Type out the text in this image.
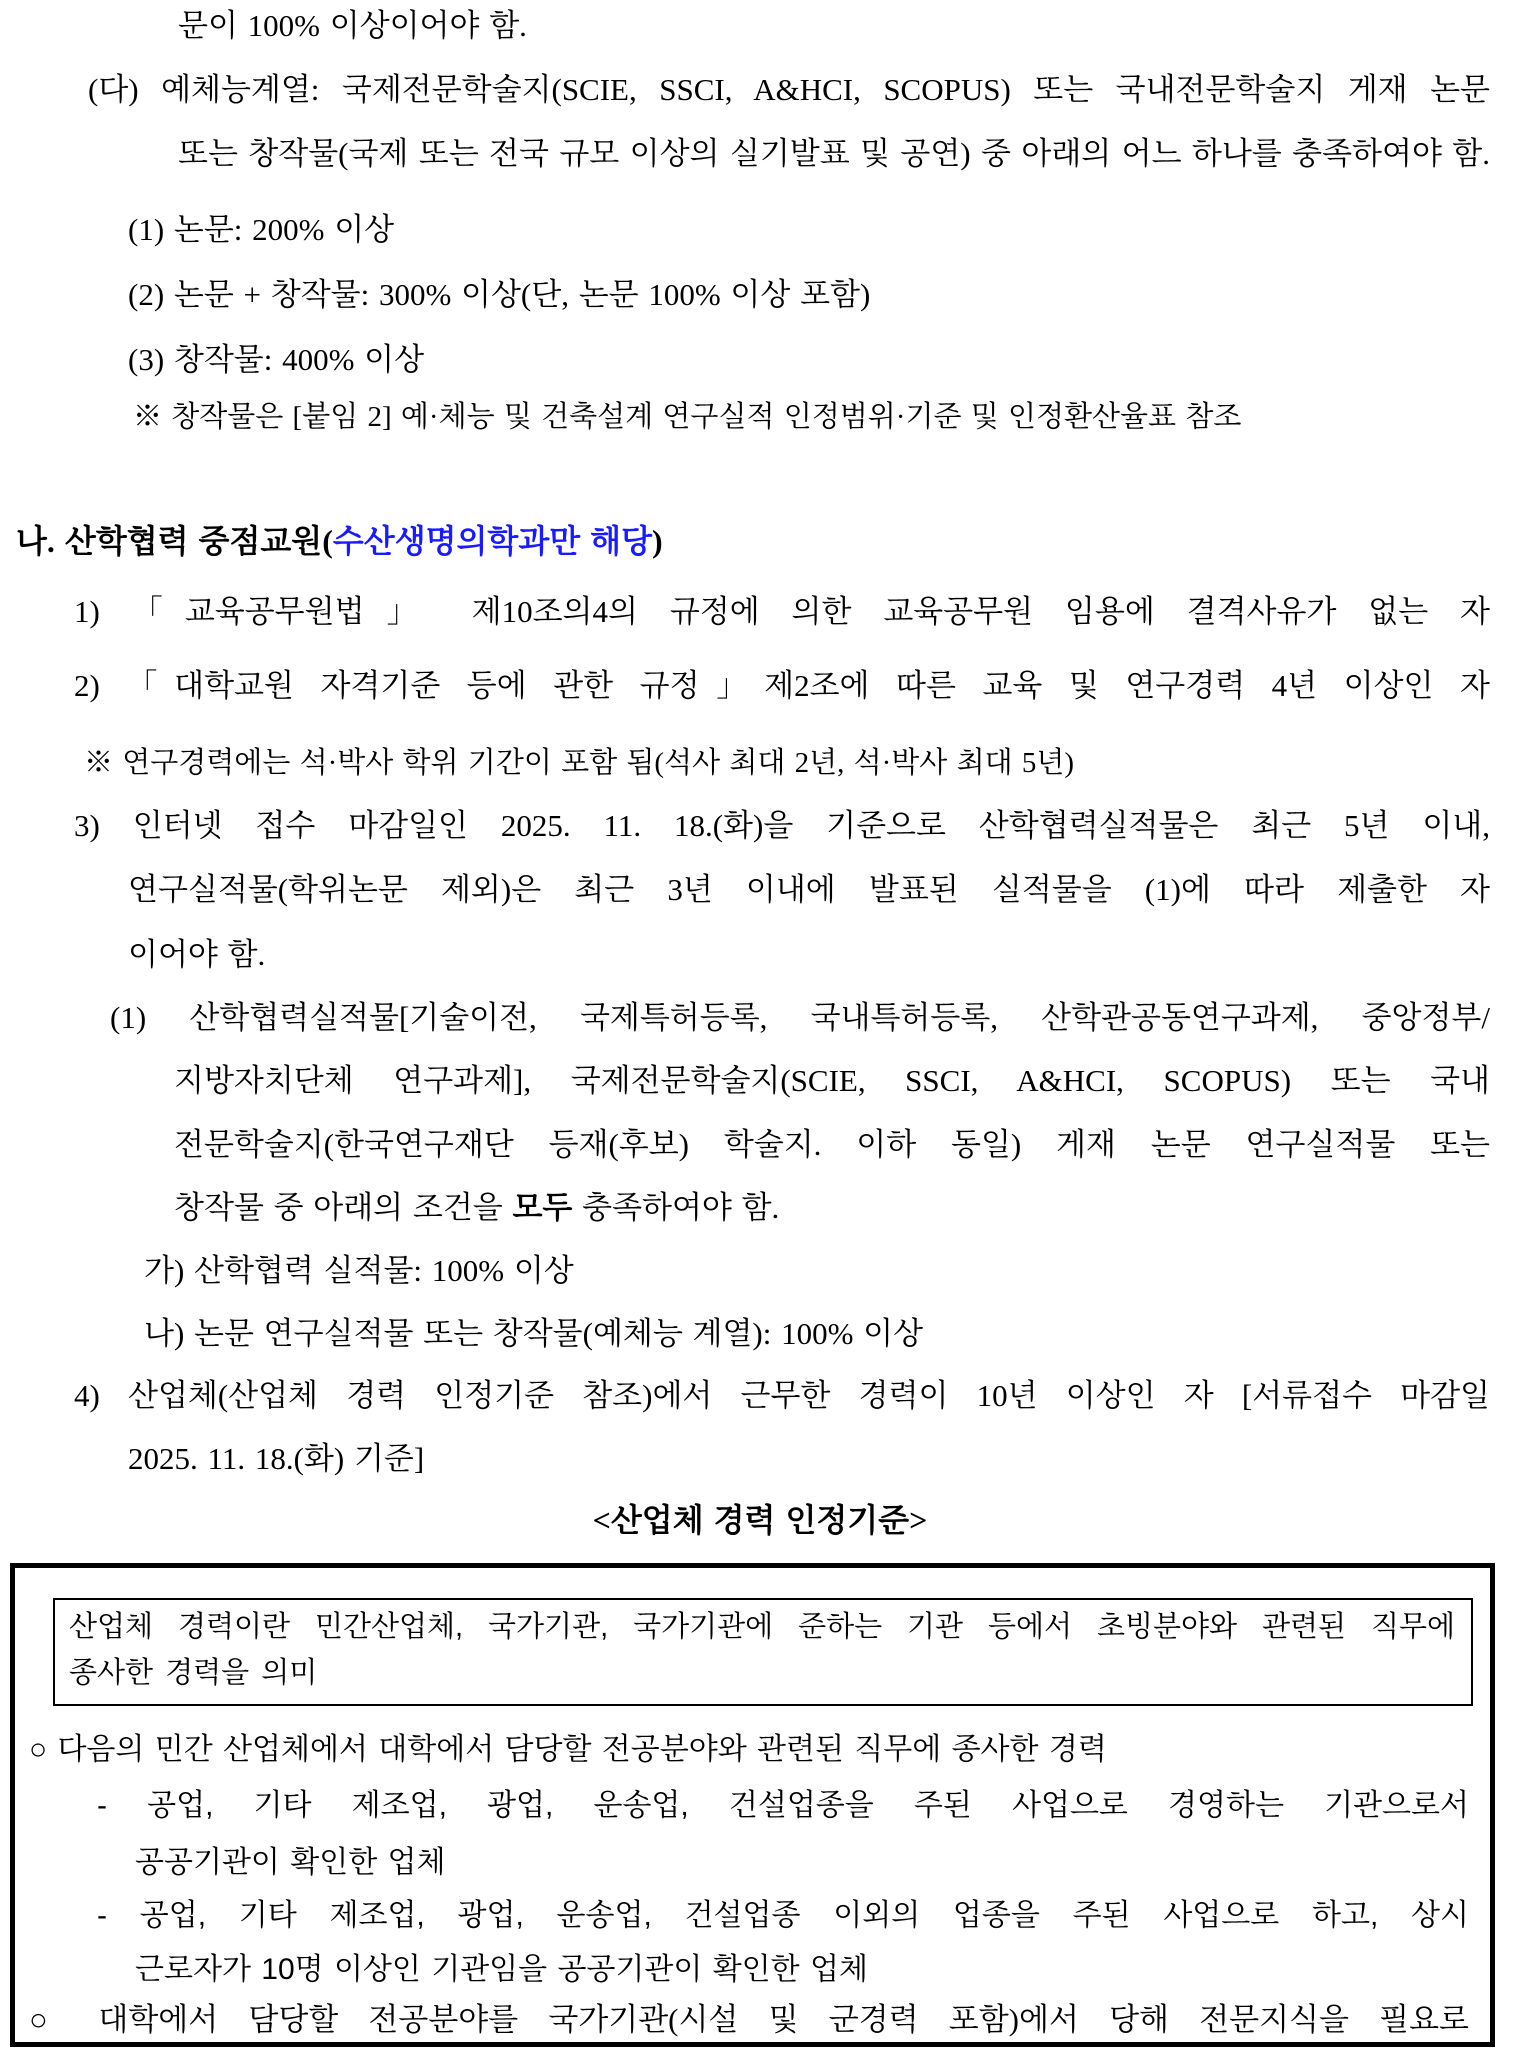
문이 100% 이상이어야 함.
(다) 예체능계열: 국제전문학술지(SCIE, SSCI, A&HCI, SCOPUS) 또는 국내전문학술지 게재 논문
또는 창작물(국제 또는 전국 규모 이상의 실기발표 및 공연) 중 아래의 어느 하나를 충족하여야 함.
(1) 논문: 200% 이상
(2) 논문 + 창작물: 300% 이상(단, 논문 100% 이상 포함)
(3) 창작물: 400% 이상
※ 창작물은 [붙임 2] 예·체능 및 건축설계 연구실적 인정범위·기준 및 인정환산율표 참조
나. 산학협력 중점교원(수산생명의학과만 해당)
1) 「교육공무원법」 제10조의4의 규정에 의한 교육공무원 임용에 결격사유가 없는 자
2) 「대학교원 자격기준 등에 관한 규정」제2조에 따른 교육 및 연구경력 4년 이상인 자
※ 연구경력에는 석·박사 학위 기간이 포함 됨(석사 최대 2년, 석·박사 최대 5년)
3) 인터넷 접수 마감일인 2025. 11. 18.(화)을 기준으로 산학협력실적물은 최근 5년 이내,
연구실적물(학위논문 제외)은 최근 3년 이내에 발표된 실적물을 (1)에 따라 제출한 자
이어야 함.
(1) 산학협력실적물[기술이전, 국제특허등록, 국내특허등록, 산학관공동연구과제, 중앙정부/
지방자치단체 연구과제], 국제전문학술지(SCIE, SSCI, A&HCI, SCOPUS) 또는 국내
전문학술지(한국연구재단 등재(후보) 학술지. 이하 동일) 게재 논문 연구실적물 또는
창작물 중 아래의 조건을 모두 충족하여야 함.
가) 산학협력 실적물: 100% 이상
나) 논문 연구실적물 또는 창작물(예체능 계열): 100% 이상
4) 산업체(산업체 경력 인정기준 참조)에서 근무한 경력이 10년 이상인 자 [서류접수 마감일
2025. 11. 18.(화) 기준]
<산업체 경력 인정기준>
산업체 경력이란 민간산업체, 국가기관, 국가기관에 준하는 기관 등에서 초빙분야와 관련된 직무에
종사한 경력을 의미
○ 다음의 민간 산업체에서 대학에서 담당할 전공분야와 관련된 직무에 종사한 경력
- 공업, 기타 제조업, 광업, 운송업, 건설업종을 주된 사업으로 경영하는 기관으로서
공공기관이 확인한 업체
- 공업, 기타 제조업, 광업, 운송업, 건설업종 이외의 업종을 주된 사업으로 하고, 상시
근로자가 10명 이상인 기관임을 공공기관이 확인한 업체
○ 대학에서 담당할 전공분야를 국가기관(시설 및 군경력 포함)에서 당해 전문지식을 필요로
